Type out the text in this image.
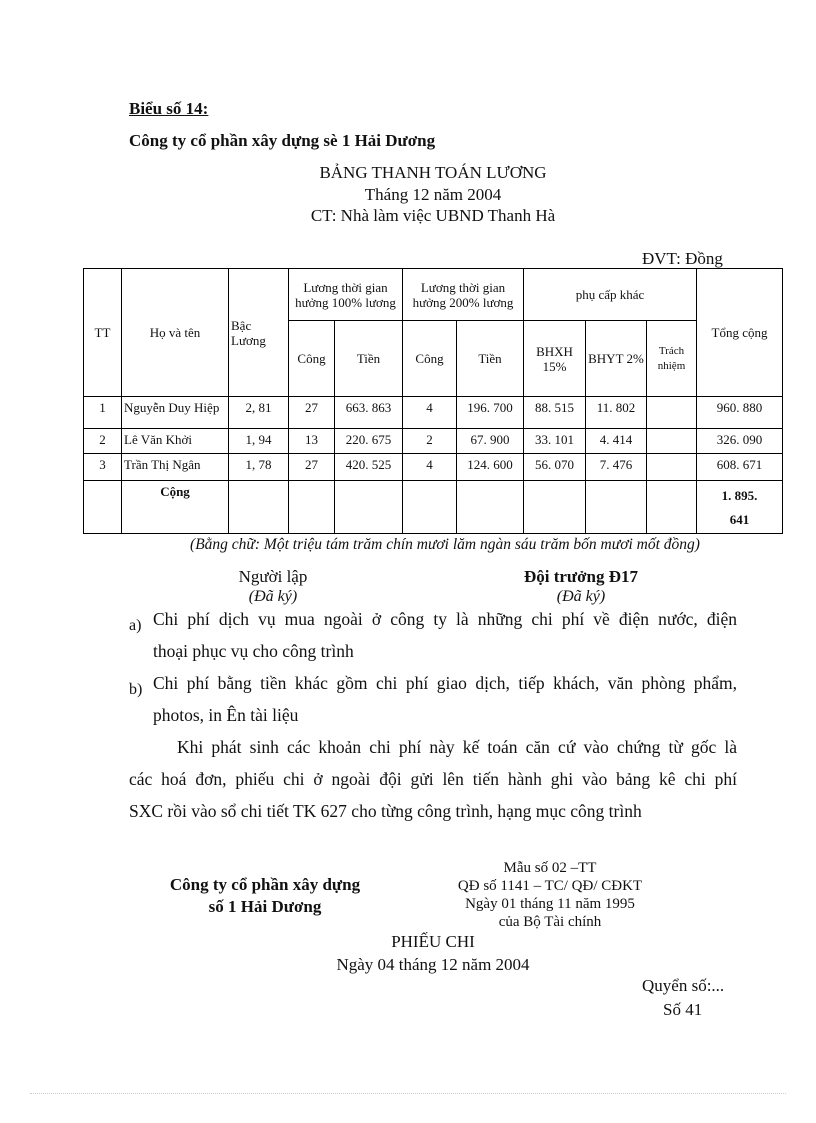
Biểu số 14:
Công ty cổ phần xây dựng sè 1 Hải Dương
BẢNG THANH TOÁN LƯƠNG
Tháng 12 năm 2004
CT: Nhà làm việc UBND Thanh Hà
ĐVT: Đồng
TT	Họ và tên	Bậc Lương	Lương thời gian hưởng 100% lương		Lương thời gian hưởng 200% lương		phụ cấp khác			Tổng cộng
			Công	Tiền	Công	Tiền	BHXH 15%	BHYT 2%	Trách nhiệm	
1	Nguyễn Duy Hiệp	2, 81	27	663. 863	4	196. 700	88. 515	11. 802		960. 880
2	Lê Văn Khởi	1, 94	13	220. 675	2	67. 900	33. 101	4. 414		326. 090
3	Trần Thị Ngân	1, 78	27	420. 525	4	124. 600	56. 070	7. 476		608. 671
	Cộng									1. 895.
641
(Bằng chữ: Một triệu tám trăm chín mươi lăm ngàn sáu trăm bốn mươi mốt đồng)
Người lập
(Đã ký)
Đội trưởng Đ17
(Đã ký)
a) Chi phí dịch vụ mua ngoài ở công ty là những chi phí về điện nước, điện
thoại phục vụ cho công trình
b) Chi phí bằng tiền khác gồm chi phí giao dịch, tiếp khách, văn phòng phẩm,
photos, in Ên tài liệu
Khi phát sinh các khoản chi phí này kế toán căn cứ vào chứng từ gốc là
các hoá đơn, phiếu chi ở ngoài đội gửi lên tiến hành ghi vào bảng kê chi phí
SXC rồi vào sổ chi tiết TK 627 cho từng công trình, hạng mục công trình
Công ty cổ phần xây dựng
số 1 Hải Dương
Mẫu số 02 –TT
QĐ số 1141 – TC/ QĐ/ CĐKT
Ngày 01 tháng 11 năm 1995
của Bộ Tài chính
PHIẾU CHI
Ngày 04 tháng 12 năm 2004
Quyển số:...
Số 41
